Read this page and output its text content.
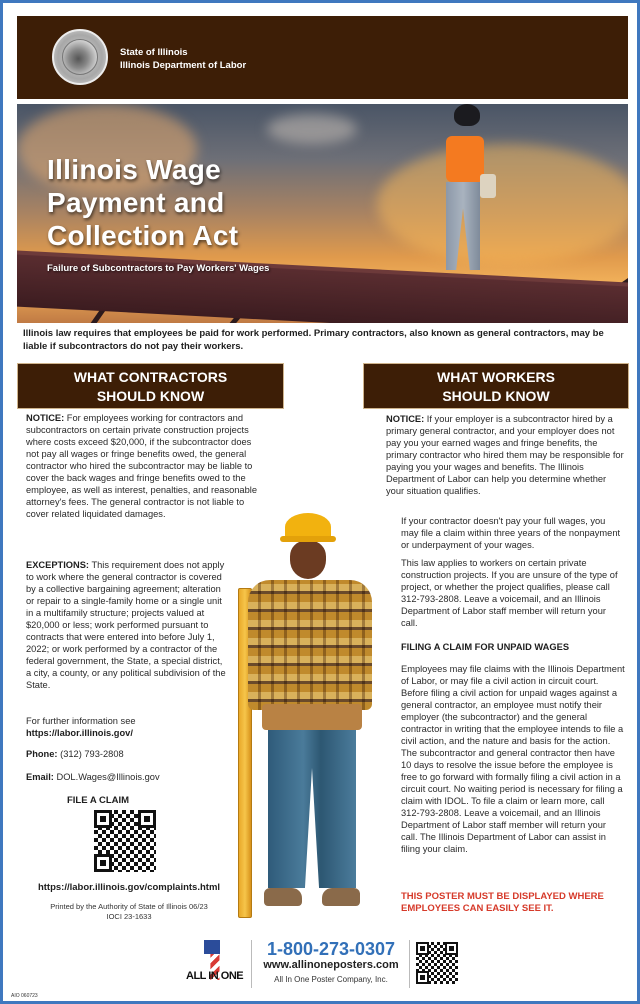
State of Illinois
Illinois Department of Labor
Illinois Wage
Payment and
Collection Act
Failure of Subcontractors to Pay Workers' Wages
Illinois law requires that employees be paid for work performed. Primary contractors, also known as general contractors, may be liable if subcontractors do not pay their workers.
WHAT CONTRACTORS
SHOULD KNOW
NOTICE: For employees working for contractors and subcontractors on certain private construction projects where costs exceed $20,000, if the subcontractor does not pay all wages or fringe benefits owed, the general contractor who hired the subcontractor may be liable to cover the back wages and fringe benefits owed to the employee, as well as interest, penalties, and reasonable attorney's fees. The general contractor is not liable to cover related liquidated damages.
EXCEPTIONS: This requirement does not apply to work where the general contractor is covered by a collective bargaining agreement; alteration or repair to a single-family home or a single unit in a multifamily structure; projects valued at $20,000 or less; work performed pursuant to contracts that were entered into before July 1, 2022; or work performed by a contractor of the federal government, the State, a special district, a city, a county, or any political subdivision of the State.
For further information see
https://labor.illinois.gov/
Phone: (312) 793-2808
Email: DOL.Wages@Illinois.gov
FILE A CLAIM
https://labor.illinois.gov/complaints.html
Printed by the Authority of State of Illinois 06/23
IOCI 23-1633
WHAT WORKERS
SHOULD KNOW
NOTICE: If your employer is a subcontractor hired by a primary general contractor, and your employer does not pay you your earned wages and fringe benefits, the primary contractor who hired them may be responsible for paying you your wages and benefits. The Illinois Department of Labor can help you determine whether your situation qualifies.
If your contractor doesn't pay your full wages, you may file a claim within three years of the nonpayment or underpayment of your wages.
This law applies to workers on certain private construction projects. If you are unsure of the type of project, or whether the project qualifies, please call 312-793-2808. Leave a voicemail, and an Illinois Department of Labor staff member will return your call.
FILING A CLAIM FOR UNPAID WAGES
Employees may file claims with the Illinois Department of Labor, or may file a civil action in circuit court. Before filing a civil action for unpaid wages against a general contractor, an employee must notify their employer (the subcontractor) and the general contractor in writing that the employee intends to file a civil action, and the nature and basis for the action. The subcontractor and general contractor then have 10 days to resolve the issue before the employee is free to go forward with formally filing a civil action in a circuit court. No waiting period is necessary for filing a claim with IDOL. To file a claim or learn more, call 312-793-2808. Leave a voicemail, and an Illinois Department of Labor staff member will return your call. The Illinois Department of Labor can assist in filing your claim.
THIS POSTER MUST BE DISPLAYED WHERE EMPLOYEES CAN EASILY SEE IT.
ALL IN ONE
1-800-273-0307
www.allinoneposters.com
All In One Poster Company, Inc.
AIO 060723
